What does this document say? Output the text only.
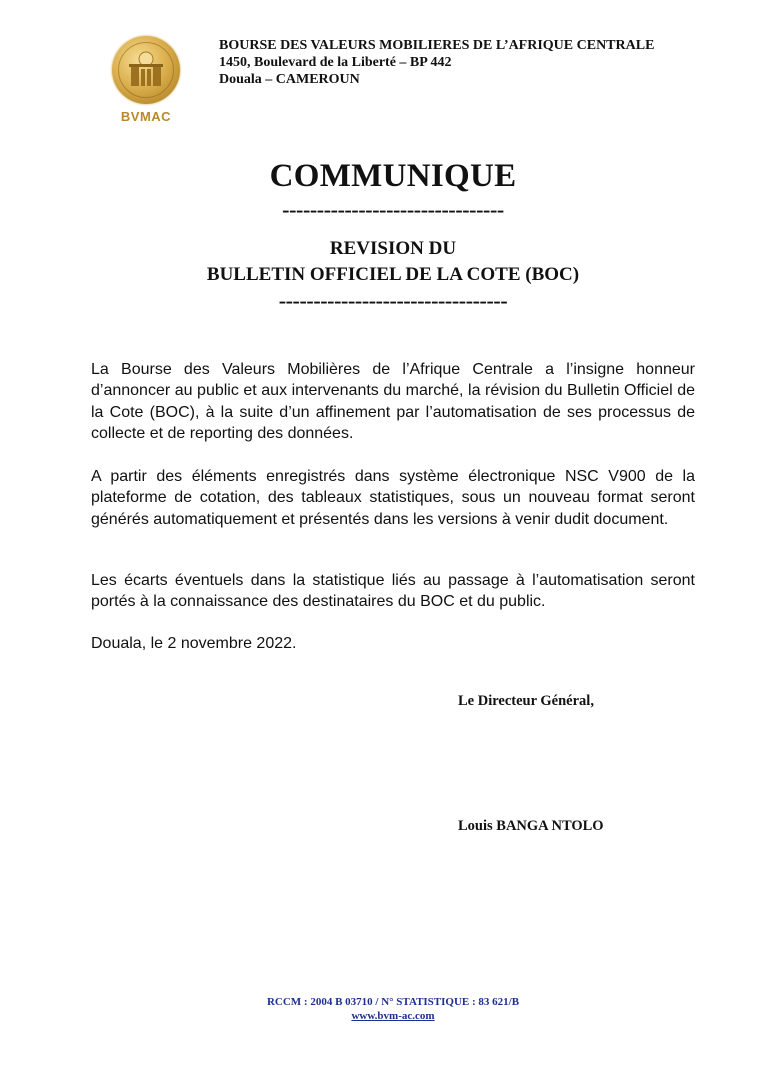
BVMAC
BOURSE DES VALEURS MOBILIERES DE L’AFRIQUE CENTRALE
1450, Boulevard de la Liberté – BP 442
Douala – CAMEROUN
COMMUNIQUE
--------------------------------
REVISION DU
BULLETIN OFFICIEL DE LA COTE (BOC)
---------------------------------

La Bourse des Valeurs Mobilières de l’Afrique Centrale a l’insigne honneur d’annoncer au public et aux intervenants du marché, la révision du Bulletin Officiel de la Cote (BOC), à la suite d’un affinement par l’automatisation de ses processus de collecte et de reporting des données.

A partir des éléments enregistrés dans système électronique NSC V900 de la plateforme de cotation, des tableaux statistiques, sous un nouveau format seront générés automatiquement et présentés dans les versions à venir dudit document.

Les écarts éventuels dans la statistique liés au passage à l’automatisation seront portés à la connaissance des destinataires du BOC et du public.

Douala, le 2 novembre 2022.

Le Directeur Général,
Louis BANGA NTOLO
RCCM : 2004 B 03710 / N° STATISTIQUE : 83 621/B
www.bvm-ac.com
